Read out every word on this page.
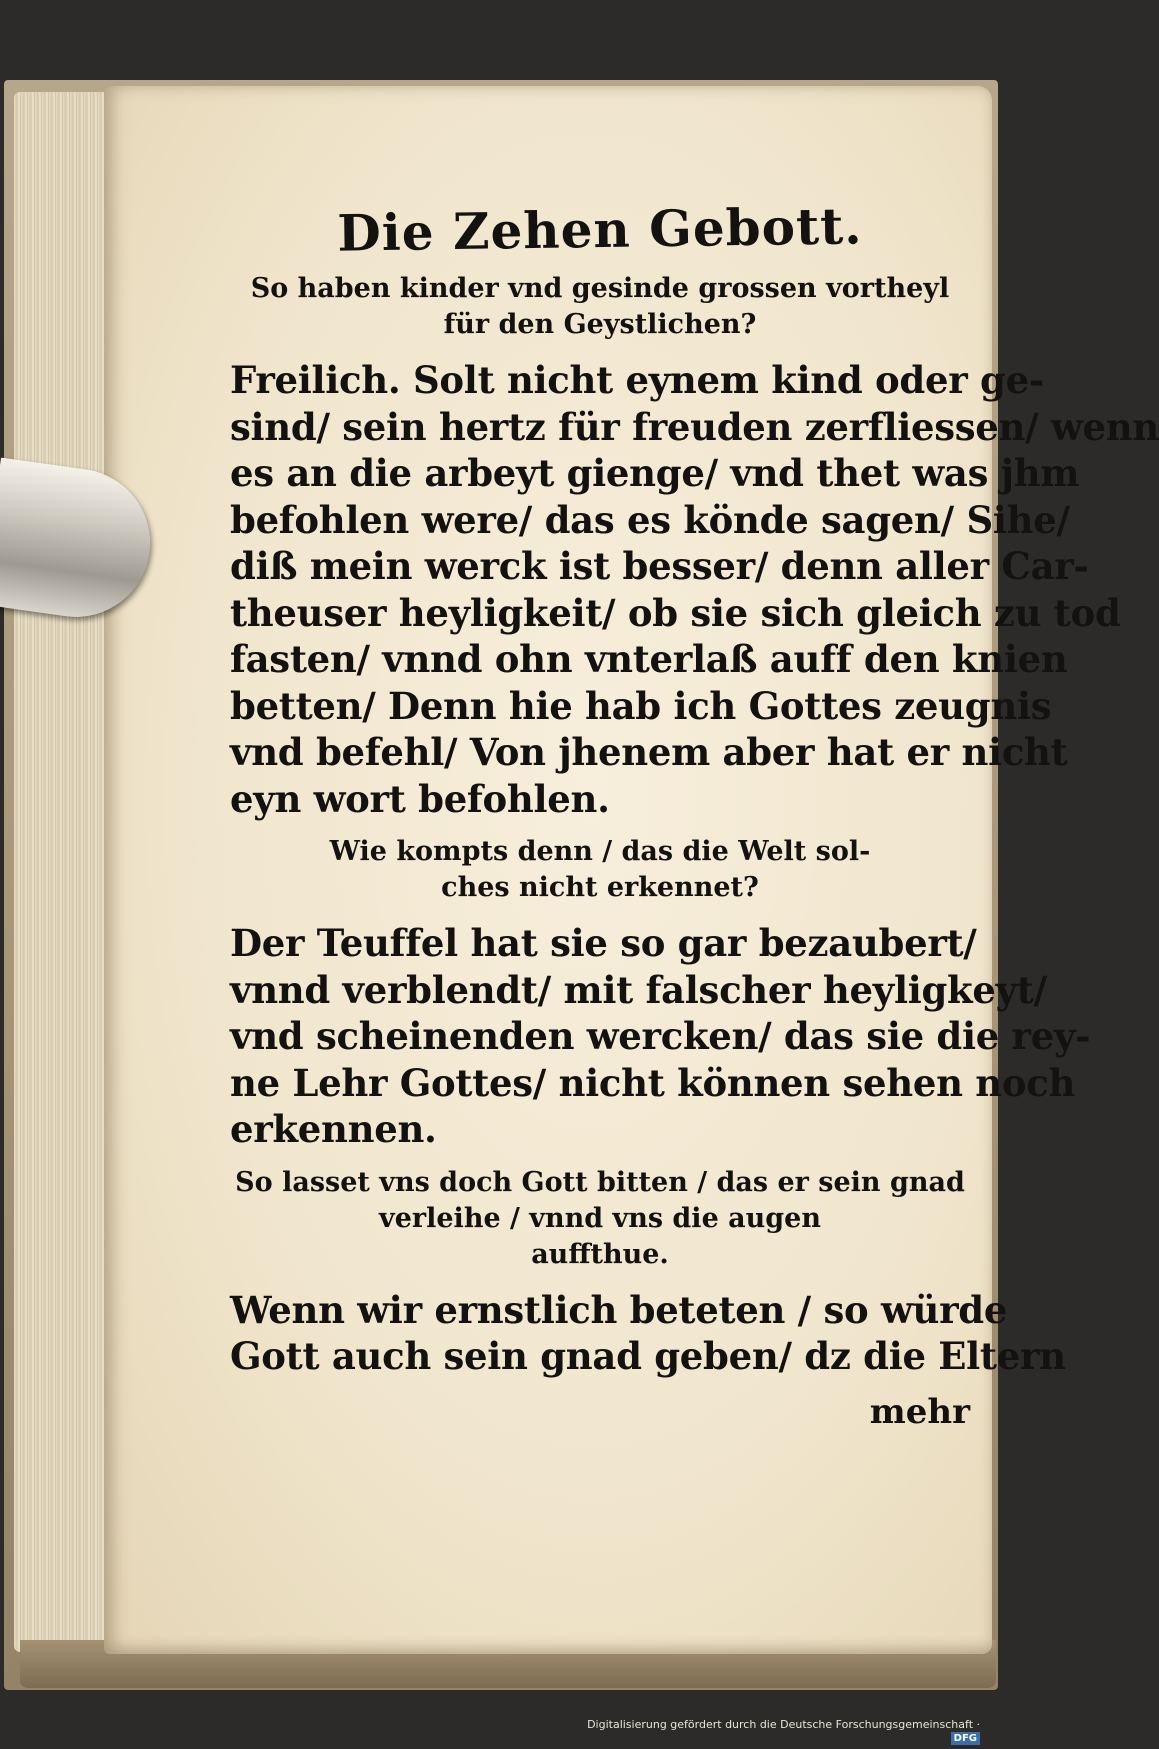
Die Zehen Gebott.
So haben kinder vnd gesinde grossen vortheyl
für den Geystlichen?
Freilich. Solt nicht eynem kind oder ge-
sind/ sein hertz für freuden zerfliessen/ wenn
es an die arbeyt gienge/ vnd thet was jhm
befohlen were/ das es könde sagen/ Sihe/
diß mein werck ist besser/ denn aller Car-
theuser heyligkeit/ ob sie sich gleich zu tod
fasten/ vnnd ohn vnterlaß auff den knien
betten/ Denn hie hab ich Gottes zeugnis
vnd befehl/ Von jhenem aber hat er nicht
eyn wort befohlen.
Wie kompts denn / das die Welt sol-
ches nicht erkennet?
Der Teuffel hat sie so gar bezaubert/
vnnd verblendt/ mit falscher heyligkeyt/
vnd scheinenden wercken/ das sie die rey-
ne Lehr Gottes/ nicht können sehen noch
erkennen.
So lasset vns doch Gott bitten / das er sein gnad
verleihe / vnnd vns die augen
auffthue.
Wenn wir ernstlich beteten / so würde
Gott auch sein gnad geben/ dz die Eltern
mehr
Digitalisierung gefördert durch die Deutsche Forschungsgemeinschaft ·DFG
